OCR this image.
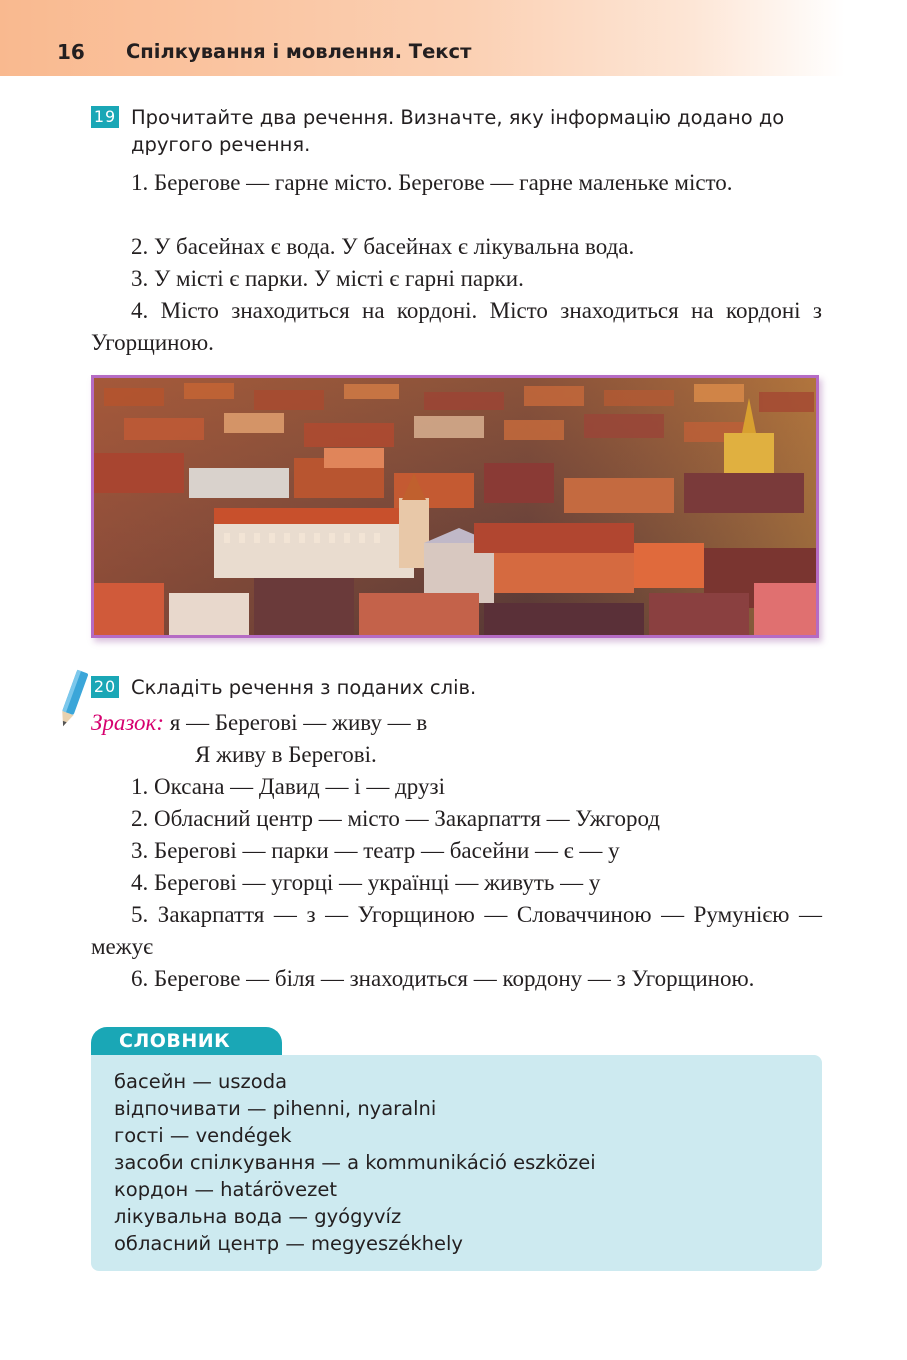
16 Спілкування і мовлення. Текст
19 Прочитайте два речення. Визначте, яку інформацію додано до
другого речення.

1. Берегове — гарне місто. Берегове — гарне маленьке місто.

2. У басейнах є вода. У басейнах є лікувальна вода.

3. У місті є парки. У місті є гарні парки.

4. Місто знаходиться на кордоні. Місто знаходиться на кордоні з Угорщиною.

20 Складіть речення з поданих слів.
Зразок: я — Берегові — живу — в
Я живу в Берегові.

1. Оксана — Давид — і — друзі

2. Обласний центр — місто — Закарпаття — Ужгород

3. Берегові — парки — театр — басейни — є — у

4. Берегові — угорці — українці — живуть — у

5. Закарпаття — з — Угорщиною — Словаччиною — Румунією — межує

6. Берегове — біля — знаходиться — кордону — з Угорщиною.

СЛОВНИК
басейн — uszoda
відпочивати — pihenni, nyaralni
гості — vendégek
засоби спілкування — a kommunikáció eszközei
кордон — határövezet
лікувальна вода — gyógyvíz
обласний центр — megyeszékhely
